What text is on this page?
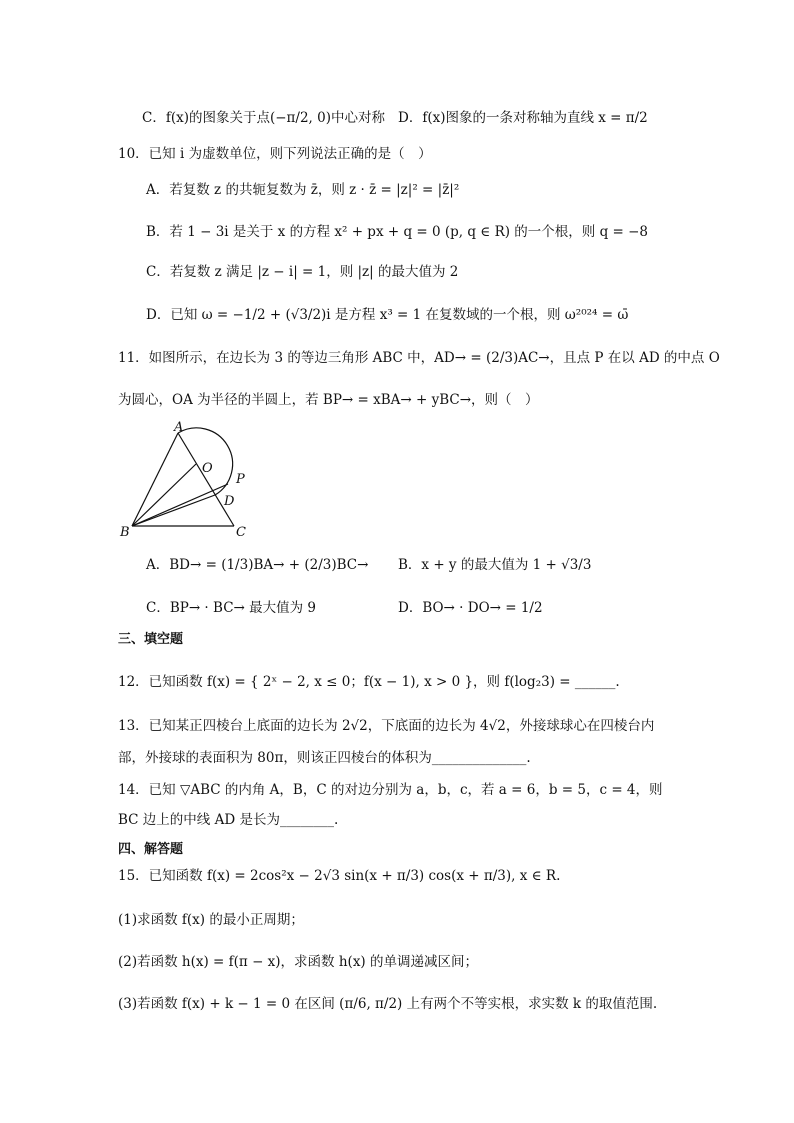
C．f(x)的图象关于点(−π/2, 0)中心对称 D．f(x)图象的一条对称轴为直线 x = π/2
10．已知 i 为虚数单位，则下列说法正确的是（　）
A．若复数 z 的共轭复数为 z̄，则 z · z̄ = |z|² = |z̄|²
B．若 1 − 3i 是关于 x 的方程 x² + px + q = 0 (p, q ∈ R) 的一个根，则 q = −8
C．若复数 z 满足 |z − i| = 1，则 |z| 的最大值为 2
D．已知 ω = −1/2 + (√3/2)i 是方程 x³ = 1 在复数域的一个根，则 ω²⁰²⁴ = ω̄
11．如图所示，在边长为 3 的等边三角形 ABC 中，AD→ = (2/3)AC→，且点 P 在以 AD 的中点 O
为圆心，OA 为半径的半圆上，若 BP→ = xBA→ + yBC→，则（　）
A
O
P
D
B	C
A．BD→ = (1/3)BA→ + (2/3)BC→ B．x + y 的最大值为 1 + √3/3
C．BP→ · BC→ 最大值为 9	D．BO→ · DO→ = 1/2
三、填空题
12．已知函数 f(x) = { 2ˣ − 2, x ≤ 0；f(x − 1), x > 0 }，则 f(log₂3) = ______.
13．已知某正四棱台上底面的边长为 2√2，下底面的边长为 4√2，外接球球心在四棱台内
部，外接球的表面积为 80π，则该正四棱台的体积为______________.
14．已知 ▽ABC 的内角 A，B，C 的对边分别为 a，b，c，若 a = 6，b = 5，c = 4，则
BC 边上的中线 AD 是长为________.
四、解答题
15．已知函数 f(x) = 2cos²x − 2√3 sin(x + π/3) cos(x + π/3), x ∈ R.
(1)求函数 f(x) 的最小正周期；
(2)若函数 h(x) = f(π − x)，求函数 h(x) 的单调递减区间；
(3)若函数 f(x) + k − 1 = 0 在区间 (π/6, π/2) 上有两个不等实根，求实数 k 的取值范围.
